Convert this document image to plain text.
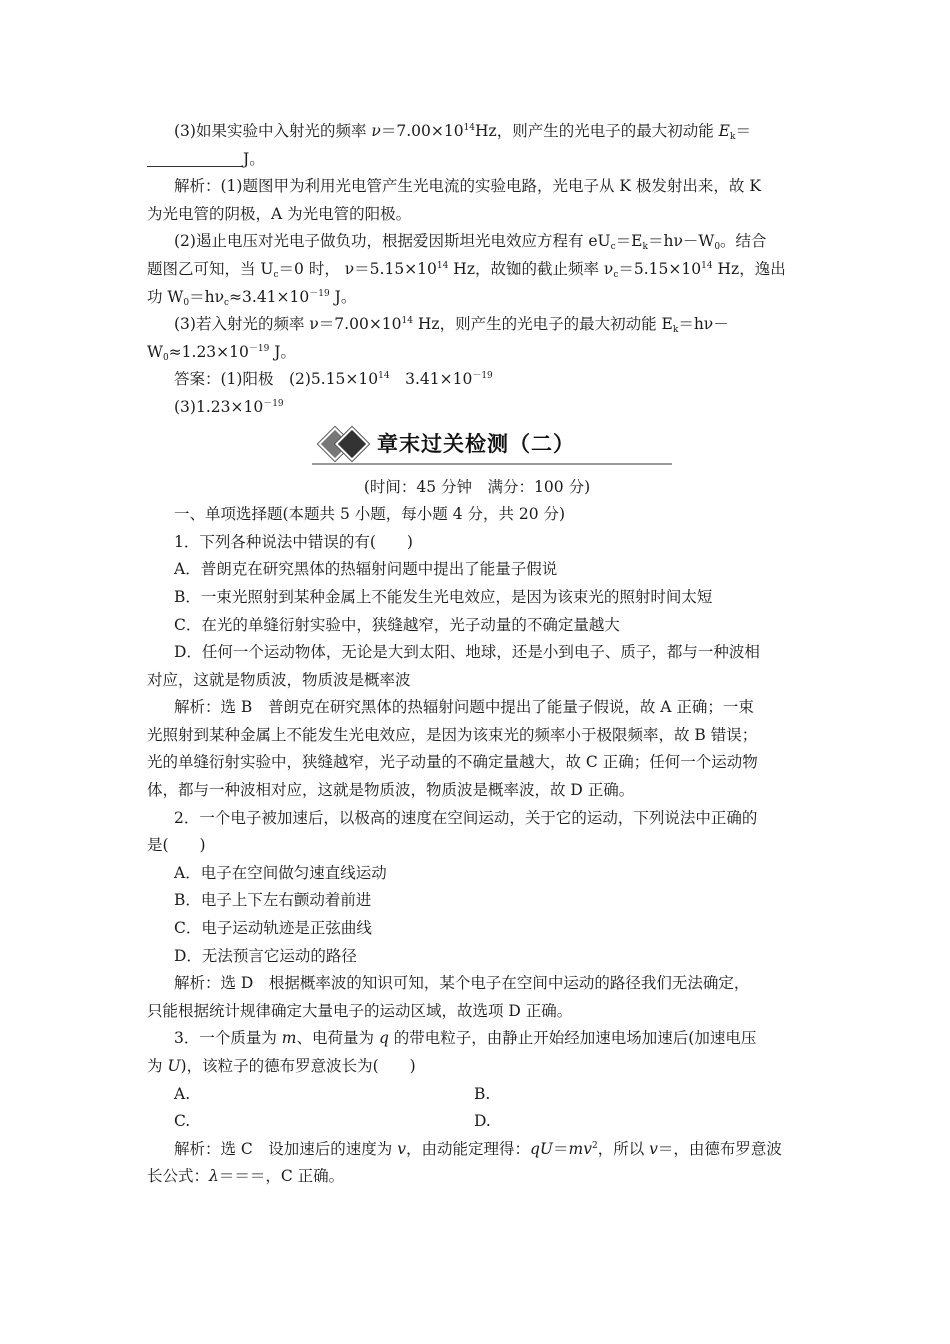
(3)如果实验中入射光的频率 $\nu=7.00\times 10^{14}Hz$，则产生的光电子的最大初动能 $E_k=$
J。
解析：(1)题图甲为利用光电管产生光电流的实验电路，光电子从 K 极发射出来，故 K
为光电管的阴极，A 为光电管的阳极。
(2)遏止电压对光电子做负功，根据爱因斯坦光电效应方程有 $eU_c=E_k=h\nu-W_0$。结合
题图乙可知，当 $U_c=0$ 时， $\nu=5.15\times 10^{14}$ Hz，故铷的截止频率 $\nu_c=5.15\times 10^{14}$ Hz，逸出
功 $W_0=h\nu_c\approx 3.41\times 10^{-19}$ J。
(3)若入射光的频率 $\nu=7.00\times 10^{14}$ Hz，则产生的光电子的最大初动能 $E_k=h\nu-$
$W_0\approx 1.23\times 10^{-19}$ J。
答案：(1)阳极　$(2)5.15\times 10^{14}$　$3.41\times 10^{-19}$
$(3)1.23\times 10^{-19}$
章末过关检测（二）
(时间：45 分钟　满分：100 分)
一、单项选择题(本题共 5 小题，每小题 4 分，共 20 分)
1．下列各种说法中错误的有(　　)
A．普朗克在研究黑体的热辐射问题中提出了能量子假说
B．一束光照射到某种金属上不能发生光电效应，是因为该束光的照射时间太短
C．在光的单缝衍射实验中，狭缝越窄，光子动量的不确定量越大
D．任何一个运动物体，无论是大到太阳、地球，还是小到电子、质子，都与一种波相
对应，这就是物质波，物质波是概率波
解析：选 B　普朗克在研究黑体的热辐射问题中提出了能量子假说，故 A 正确；一束
光照射到某种金属上不能发生光电效应，是因为该束光的频率小于极限频率，故 B 错误；
光的单缝衍射实验中，狭缝越窄，光子动量的不确定量越大，故 C 正确；任何一个运动物
体，都与一种波相对应，这就是物质波，物质波是概率波，故 D 正确。
2．一个电子被加速后，以极高的速度在空间运动，关于它的运动，下列说法中正确的
是(　　)
A．电子在空间做匀速直线运动
B．电子上下左右颤动着前进
C．电子运动轨迹是正弦曲线
D．无法预言它运动的路径
解析：选 D　根据概率波的知识可知，某个电子在空间中运动的路径我们无法确定，
只能根据统计规律确定大量电子的运动区域，故选项 D 正确。
3．一个质量为 m、电荷量为 q 的带电粒子，由静止开始经加速电场加速后(加速电压
为 U)，该粒子的德布罗意波长为(　　)
A.	B.
C.	D.
解析：选 C　设加速后的速度为 v，由动能定理得：$qU=mv^2$，所以 v＝，由德布罗意波
长公式：λ＝＝＝，C 正确。
